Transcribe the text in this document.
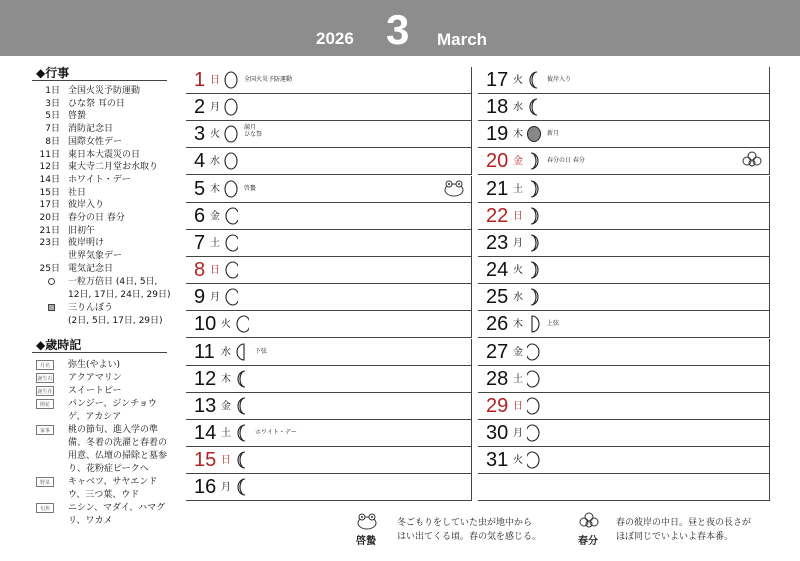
2026 3 March
◆行事
1日 全国火災予防運動
3日 ひな祭 耳の日
5日 啓蟄
7日 消防記念日
8日 国際女性デー
11日 東日本大震災の日
12日 東大寺二月堂お水取り
14日 ホワイト・デー
15日 社日
17日 彼岸入り
20日 春分の日 春分
21日 旧初午
23日 彼岸明け
世界気象デー
25日 電気記念日
一粒万倍日 (4日, 5日,
12日, 17日, 24日, 29日)
三りんぼう
(2日, 5日, 17日, 29日)
◆歳時記
月名	弥生(やよい)
誕生石 アクアマリン
誕生花 スイートピー
開花	パンジー、ジンチョウゲ、アカシア
家事	桃の節句、進入学の準備、冬着の洗濯と春着の用意、仏壇の掃除と墓参り、花粉症ピークへ
野菜	キャベツ、サヤエンドウ、三つ葉、ウド
旬魚	ニシン、マダイ、ハマグリ、ワカメ
1 日	全国火災予防運動
2 月
3 火
満月
ひな祭
4 水
5 木	啓蟄
6 金
7 土
8 日
9 月
10 火
11 水	下弦
12 木
13 金
14 土	ホワイト・デー
15 日
16 月
17 火	彼岸入り
18 水
19 木	新月
20 金	春分の日 春分
21 土
22 日
23 月
24 火
25 水
26 木	上弦
27 金
28 土
29 日
30 月
31 火
啓蟄
冬ごもりをしていた虫が地中から
はい出てくる頃。春の気を感じる。	春分
春の彼岸の中日。昼と夜の長さが
ほぼ同じでいよいよ春本番。
